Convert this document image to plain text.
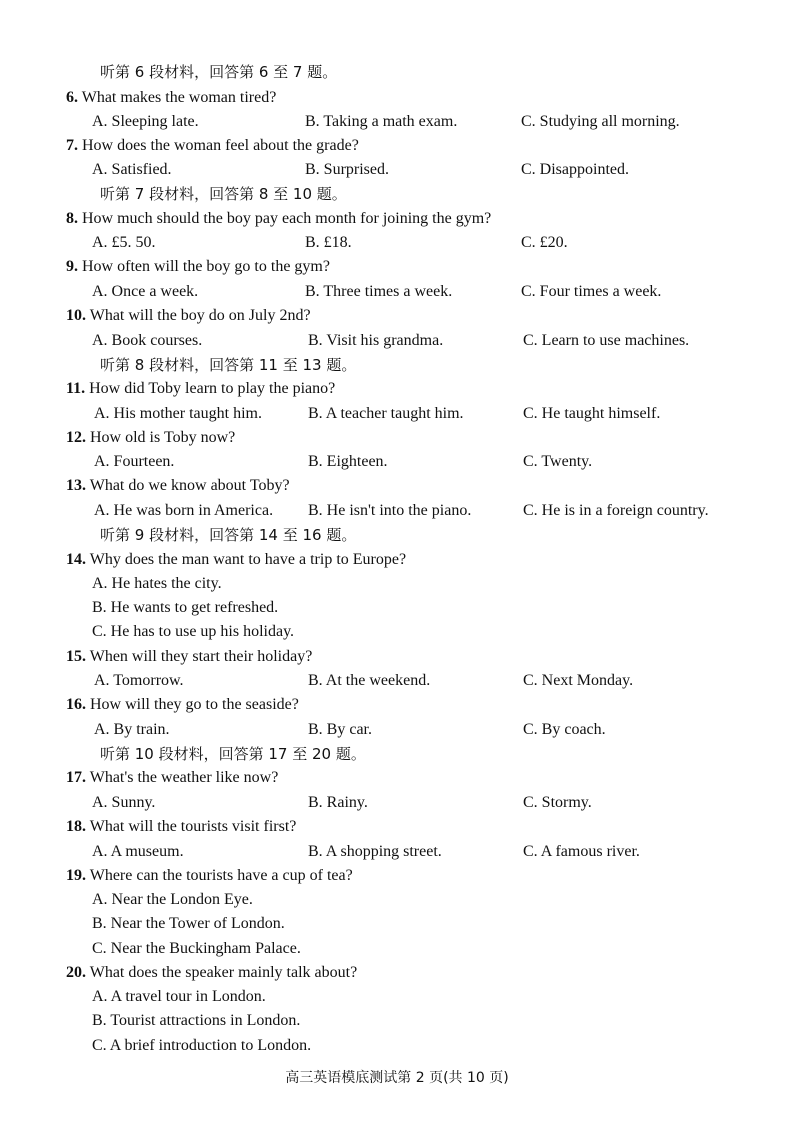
听第 6 段材料，回答第 6 至 7 题。
6. What makes the woman tired?
A. Sleeping late.	B. Taking a math exam.	C. Studying all morning.
7. How does the woman feel about the grade?
A. Satisfied.	B. Surprised.	C. Disappointed.
听第 7 段材料，回答第 8 至 10 题。
8. How much should the boy pay each month for joining the gym?
A. £5. 50.	B. £18.	C. £20.
9. How often will the boy go to the gym?
A. Once a week.	B. Three times a week.	C. Four times a week.
10. What will the boy do on July 2nd?
A. Book courses.	B. Visit his grandma.	C. Learn to use machines.
听第 8 段材料，回答第 11 至 13 题。
11. How did Toby learn to play the piano?
A. His mother taught him.	B. A teacher taught him.	C. He taught himself.
12. How old is Toby now?
A. Fourteen.	B. Eighteen.	C. Twenty.
13. What do we know about Toby?
A. He was born in America. B. He isn't into the piano.	C. He is in a foreign country.
听第 9 段材料，回答第 14 至 16 题。
14. Why does the man want to have a trip to Europe?
A. He hates the city.
B. He wants to get refreshed.
C. He has to use up his holiday.
15. When will they start their holiday?
A. Tomorrow.	B. At the weekend.	C. Next Monday.
16. How will they go to the seaside?
A. By train.	B. By car.	C. By coach.
听第 10 段材料，回答第 17 至 20 题。
17. What's the weather like now?
A. Sunny.	B. Rainy.	C. Stormy.
18. What will the tourists visit first?
A. A museum.	B. A shopping street.	C. A famous river.
19. Where can the tourists have a cup of tea?
A. Near the London Eye.
B. Near the Tower of London.
C. Near the Buckingham Palace.
20. What does the speaker mainly talk about?
A. A travel tour in London.
B. Tourist attractions in London.
C. A brief introduction to London.
高三英语模底测试第 2 页(共 10 页)
